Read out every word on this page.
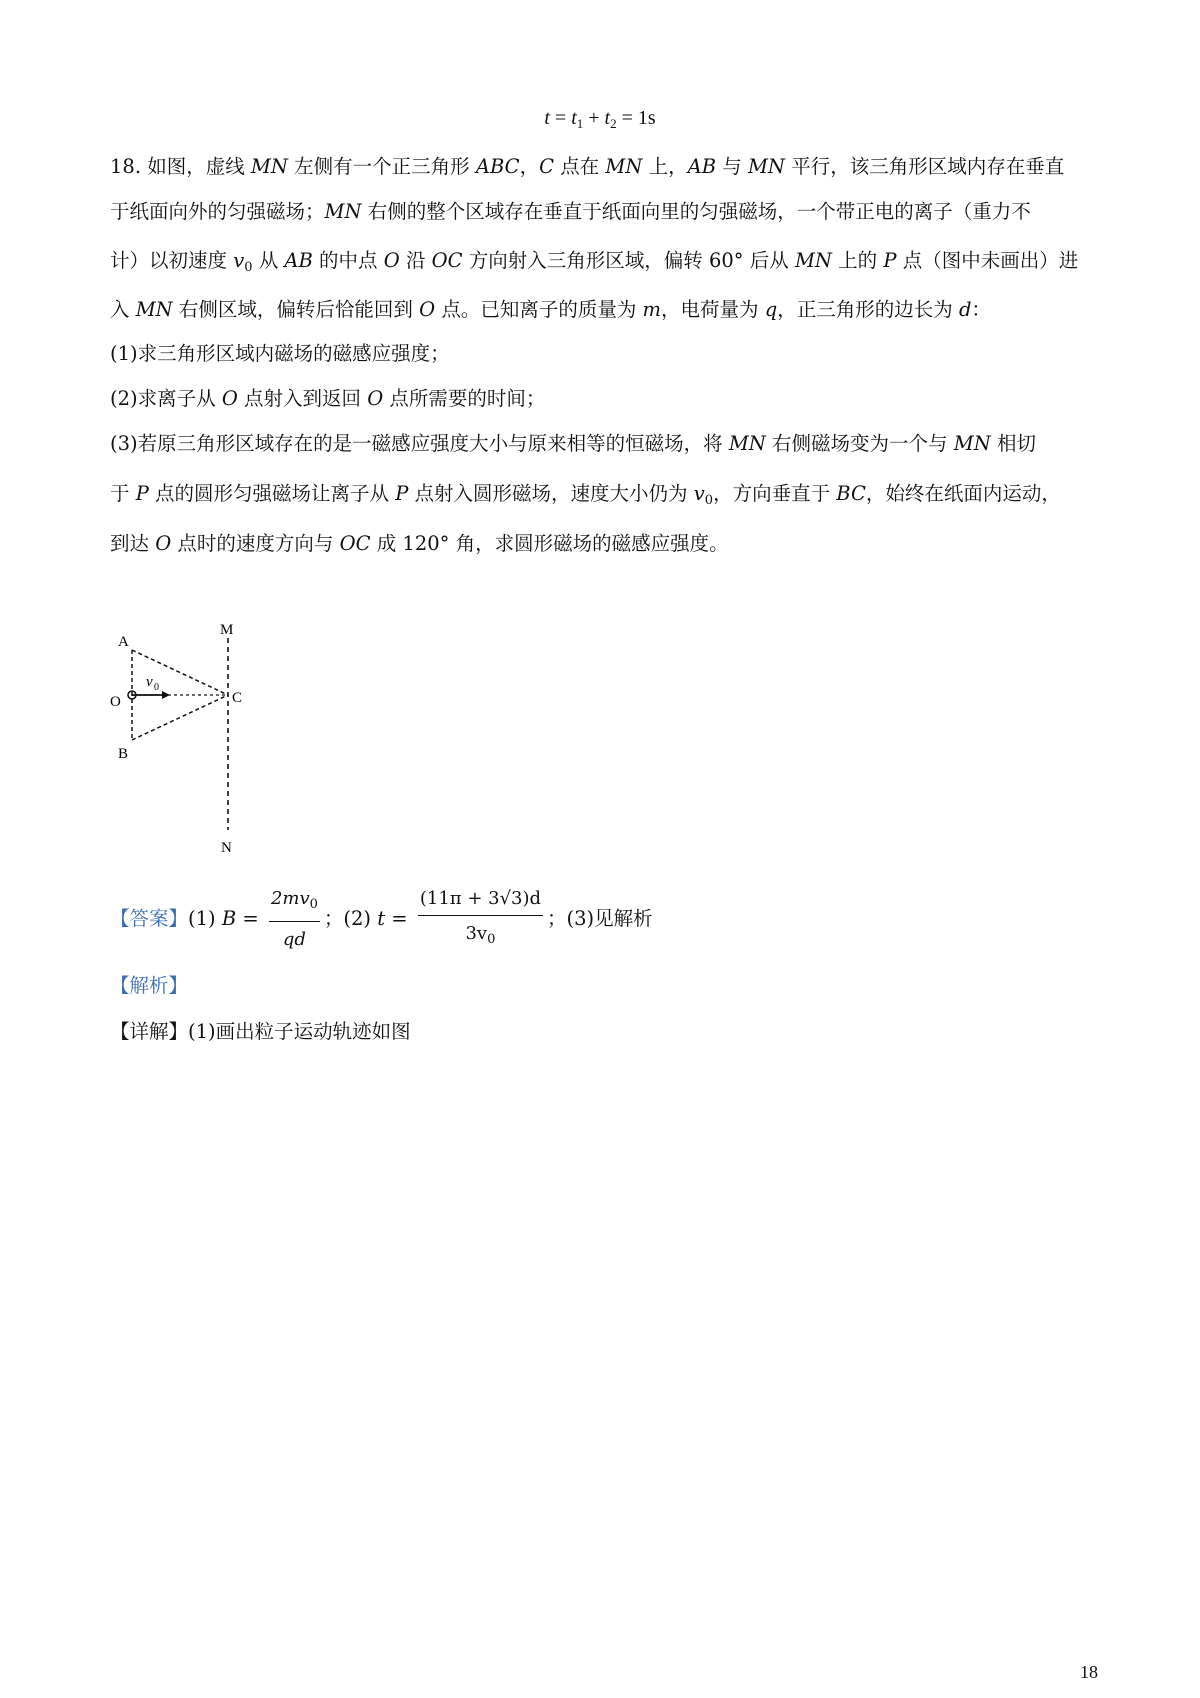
$t = t_1 + t_2 = 1s$
18. 如图，虚线 MN 左侧有一个正三角形 ABC，C 点在 MN 上，AB 与 MN 平行，该三角形区域内存在垂直
于纸面向外的匀强磁场；MN 右侧的整个区域存在垂直于纸面向里的匀强磁场，一个带正电的离子（重力不
计）以初速度 $v_0$ 从 AB 的中点 O 沿 OC 方向射入三角形区域，偏转 60° 后从 MN 上的 P 点（图中未画出）进
入 MN 右侧区域，偏转后恰能回到 O 点。已知离子的质量为 m，电荷量为 q，正三角形的边长为 d：
(1)求三角形区域内磁场的磁感应强度；
(2)求离子从 O 点射入到返回 O 点所需要的时间；
(3)若原三角形区域存在的是一磁感应强度大小与原来相等的恒磁场，将 MN 右侧磁场变为一个与 MN 相切
于 P 点的圆形匀强磁场让离子从 P 点射入圆形磁场，速度大小仍为 $v_0$，方向垂直于 BC，始终在纸面内运动，
到达 O 点时的速度方向与 OC 成 120° 角，求圆形磁场的磁感应强度。
M
N
A
B
C
O
v 0
【答案】(1) $B = \frac{2mv_0}{qd}$ ；(2) $t = \frac{(11\pi + 3√3)d}{3v_0}$ ；(3)见解析
【解析】
【详解】(1)画出粒子运动轨迹如图
18
